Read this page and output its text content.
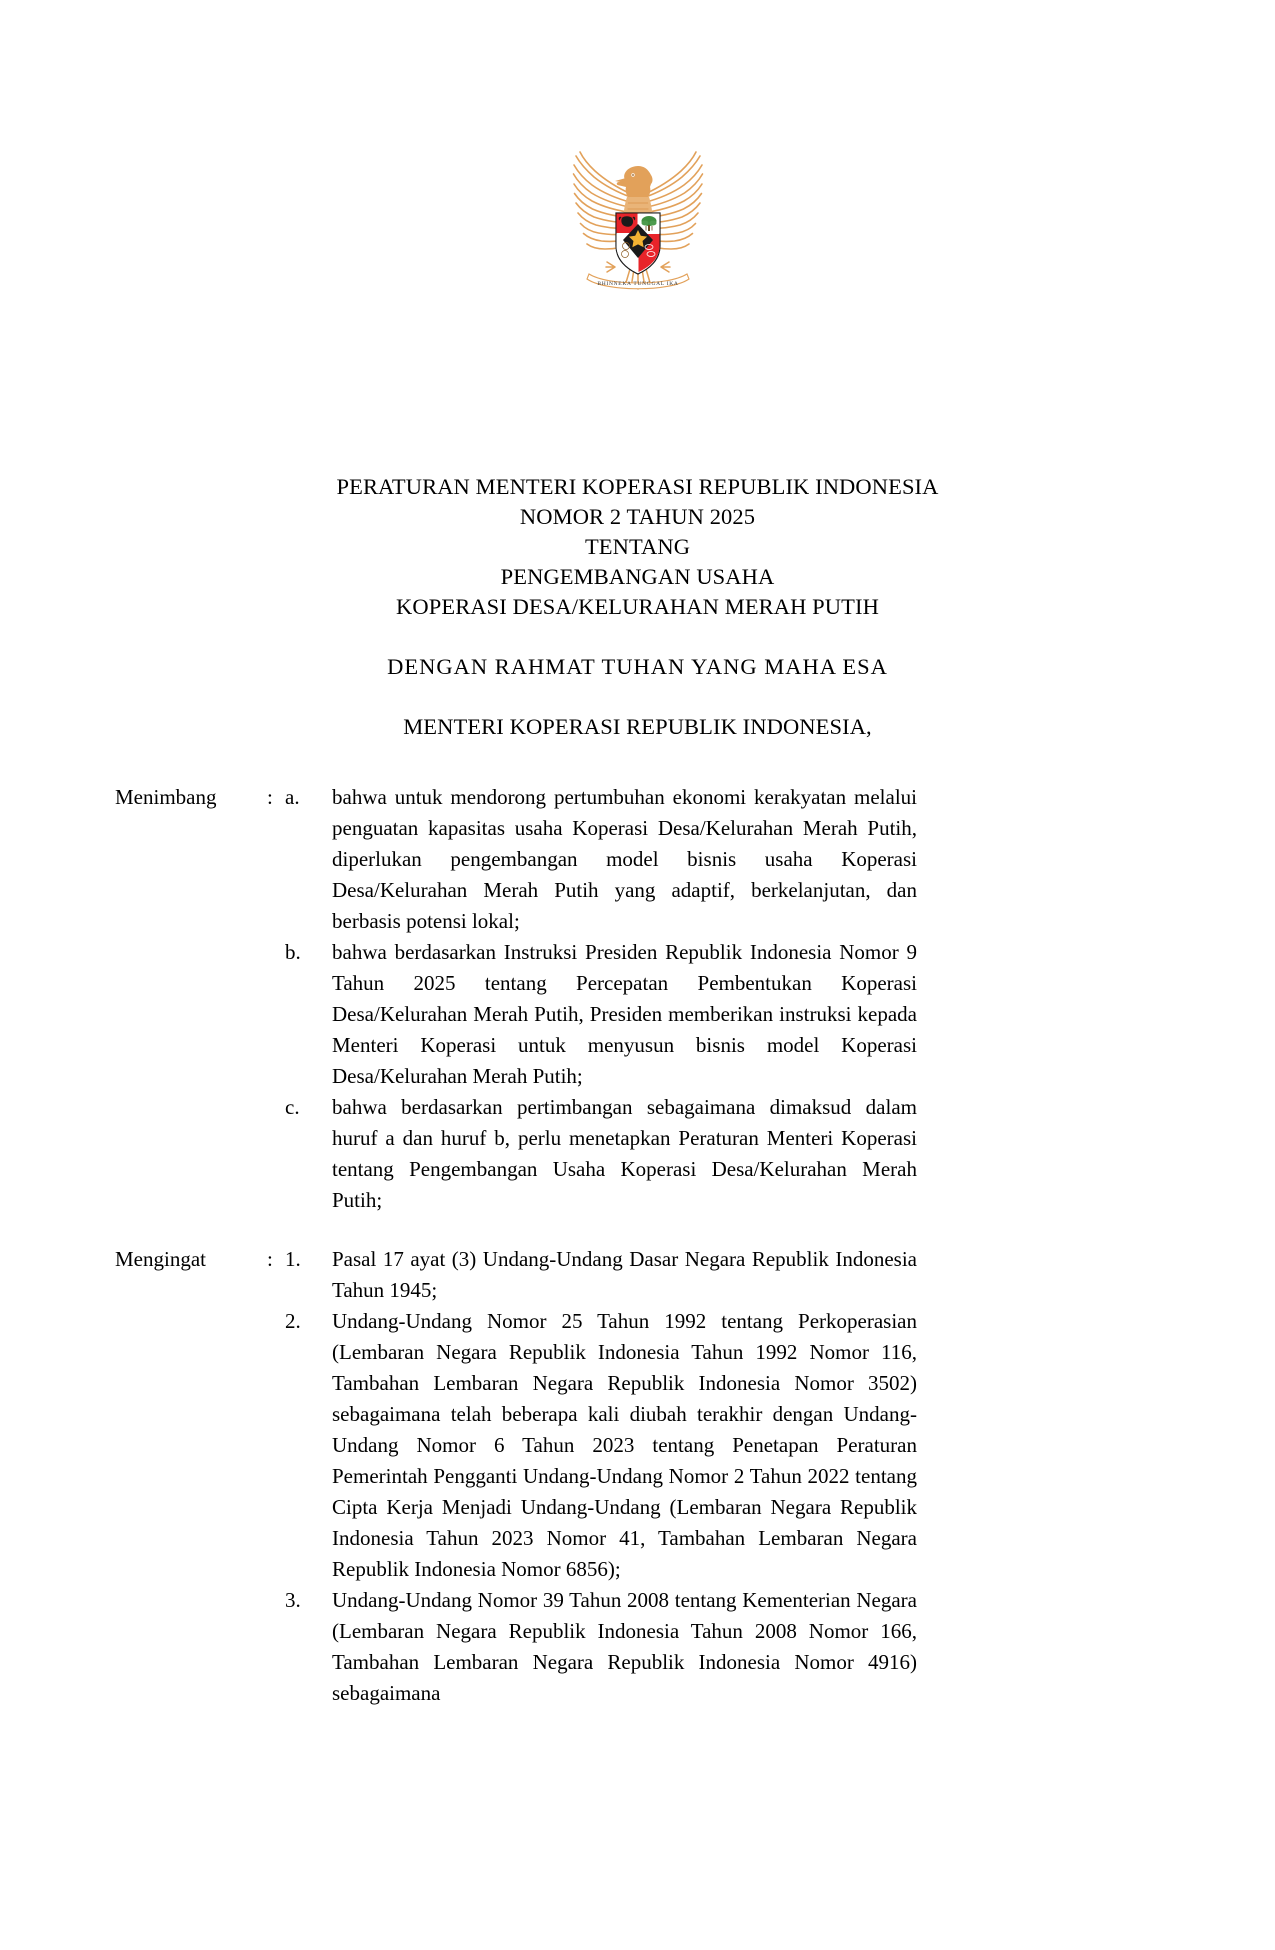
BHINNEKA TUNGGAL IKA
PERATURAN MENTERI KOPERASI REPUBLIK INDONESIA
NOMOR 2 TAHUN 2025
TENTANG
PENGEMBANGAN USAHA
KOPERASI DESA/KELURAHAN MERAH PUTIH
DENGAN RAHMAT TUHAN YANG MAHA ESA
MENTERI KOPERASI REPUBLIK INDONESIA,
Menimbang	: a.	bahwa untuk mendorong pertumbuhan ekonomi kerakyatan melalui penguatan kapasitas usaha Koperasi Desa/Kelurahan Merah Putih, diperlukan pengembangan model bisnis usaha Koperasi Desa/Kelurahan Merah Putih yang adaptif, berkelanjutan, dan berbasis potensi lokal;
b.	bahwa berdasarkan Instruksi Presiden Republik Indonesia Nomor 9 Tahun 2025 tentang Percepatan Pembentukan Koperasi Desa/Kelurahan Merah Putih, Presiden memberikan instruksi kepada Menteri Koperasi untuk menyusun bisnis model Koperasi Desa/Kelurahan Merah Putih;
c.	bahwa berdasarkan pertimbangan sebagaimana dimaksud dalam huruf a dan huruf b, perlu menetapkan Peraturan Menteri Koperasi tentang Pengembangan Usaha Koperasi Desa/Kelurahan Merah Putih;
Mengingat	: 1.	Pasal 17 ayat (3) Undang-Undang Dasar Negara Republik Indonesia Tahun 1945;
2.	Undang-Undang Nomor 25 Tahun 1992 tentang Perkoperasian (Lembaran Negara Republik Indonesia Tahun 1992 Nomor 116, Tambahan Lembaran Negara Republik Indonesia Nomor 3502) sebagaimana telah beberapa kali diubah terakhir dengan Undang-Undang Nomor 6 Tahun 2023 tentang Penetapan Peraturan Pemerintah Pengganti Undang-Undang Nomor 2 Tahun 2022 tentang Cipta Kerja Menjadi Undang-Undang (Lembaran Negara Republik Indonesia Tahun 2023 Nomor 41, Tambahan Lembaran Negara Republik Indonesia Nomor 6856);
3.	Undang-Undang Nomor 39 Tahun 2008 tentang Kementerian Negara (Lembaran Negara Republik Indonesia Tahun 2008 Nomor 166, Tambahan Lembaran Negara Republik Indonesia Nomor 4916) sebagaimana
